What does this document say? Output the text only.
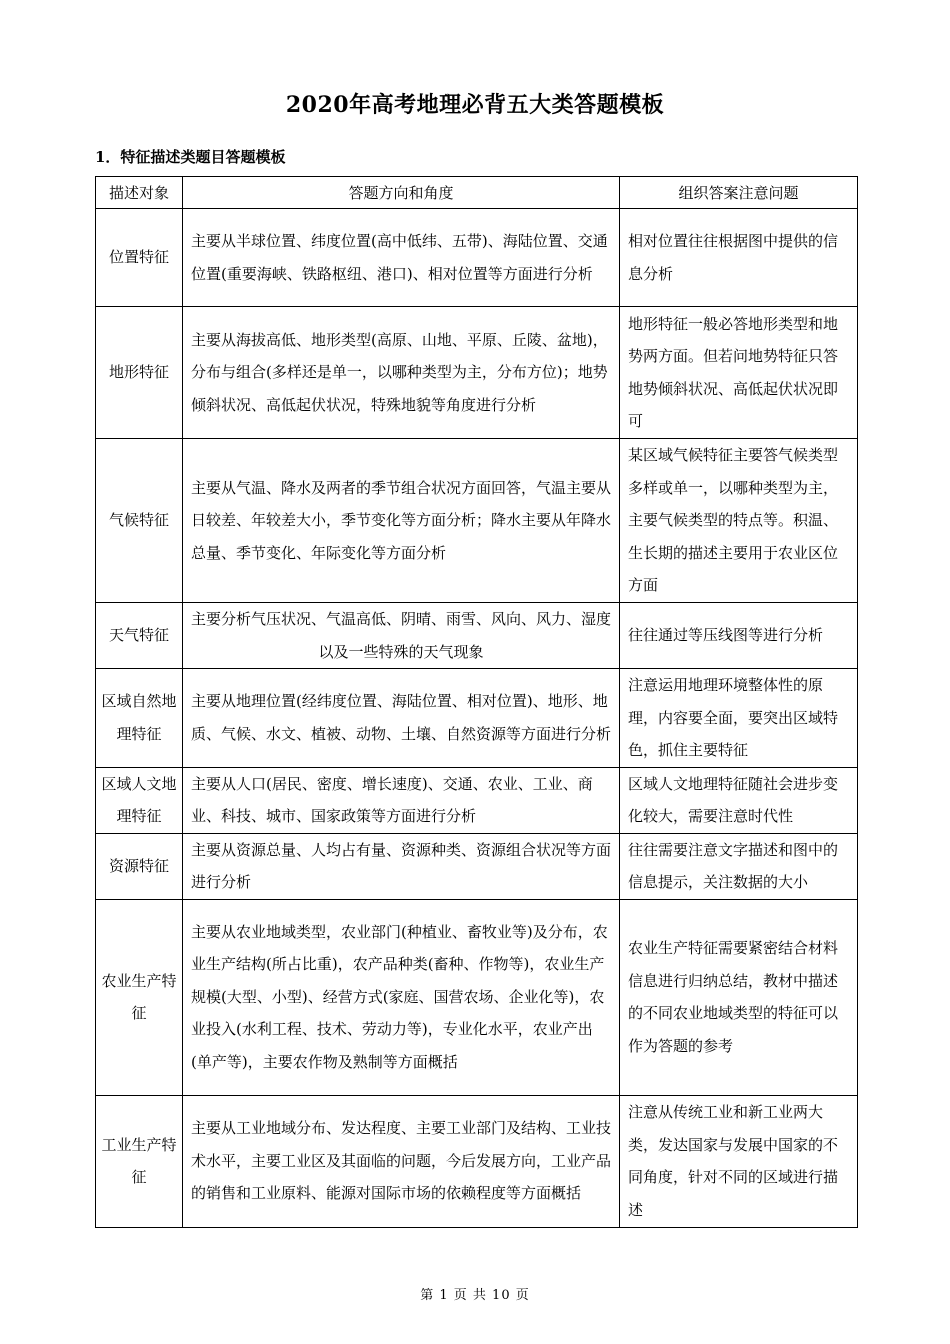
2020年高考地理必背五大类答题模板
1．特征描述类题目答题模板
描述对象	答题方向和角度	组织答案注意问题
位置特征	主要从半球位置、纬度位置(高中低纬、五带)、海陆位置、交通位置(重要海峡、铁路枢纽、港口)、相对位置等方面进行分析	相对位置往往根据图中提供的信息分析
地形特征	主要从海拔高低、地形类型(高原、山地、平原、丘陵、盆地)，分布与组合(多样还是单一，以哪种类型为主，分布方位)；地势倾斜状况、高低起伏状况，特殊地貌等角度进行分析	地形特征一般必答地形类型和地势两方面。但若问地势特征只答地势倾斜状况、高低起伏状况即可
气候特征	主要从气温、降水及两者的季节组合状况方面回答，气温主要从日较差、年较差大小，季节变化等方面分析；降水主要从年降水总量、季节变化、年际变化等方面分析	某区域气候特征主要答气候类型多样或单一，以哪种类型为主，主要气候类型的特点等。积温、生长期的描述主要用于农业区位方面
天气特征	主要分析气压状况、气温高低、阴晴、雨雪、风向、风力、湿度以及一些特殊的天气现象	往往通过等压线图等进行分析
区域自然地理特征	主要从地理位置(经纬度位置、海陆位置、相对位置)、地形、地质、气候、水文、植被、动物、土壤、自然资源等方面进行分析	注意运用地理环境整体性的原理，内容要全面，要突出区域特色，抓住主要特征
区域人文地理特征	主要从人口(居民、密度、增长速度)、交通、农业、工业、商业、科技、城市、国家政策等方面进行分析	区域人文地理特征随社会进步变化较大，需要注意时代性
资源特征	主要从资源总量、人均占有量、资源种类、资源组合状况等方面进行分析	往往需要注意文字描述和图中的信息提示，关注数据的大小
农业生产特征	主要从农业地域类型，农业部门(种植业、畜牧业等)及分布，农业生产结构(所占比重)，农产品种类(畜种、作物等)，农业生产规模(大型、小型)、经营方式(家庭、国营农场、企业化等)，农业投入(水利工程、技术、劳动力等)，专业化水平，农业产出(单产等)，主要农作物及熟制等方面概括	农业生产特征需要紧密结合材料信息进行归纳总结，教材中描述的不同农业地域类型的特征可以作为答题的参考
工业生产特征	主要从工业地域分布、发达程度、主要工业部门及结构、工业技术水平，主要工业区及其面临的问题，今后发展方向，工业产品的销售和工业原料、能源对国际市场的依赖程度等方面概括	注意从传统工业和新工业两大类，发达国家与发展中国家的不同角度，针对不同的区域进行描述
第 1 页 共 10 页
